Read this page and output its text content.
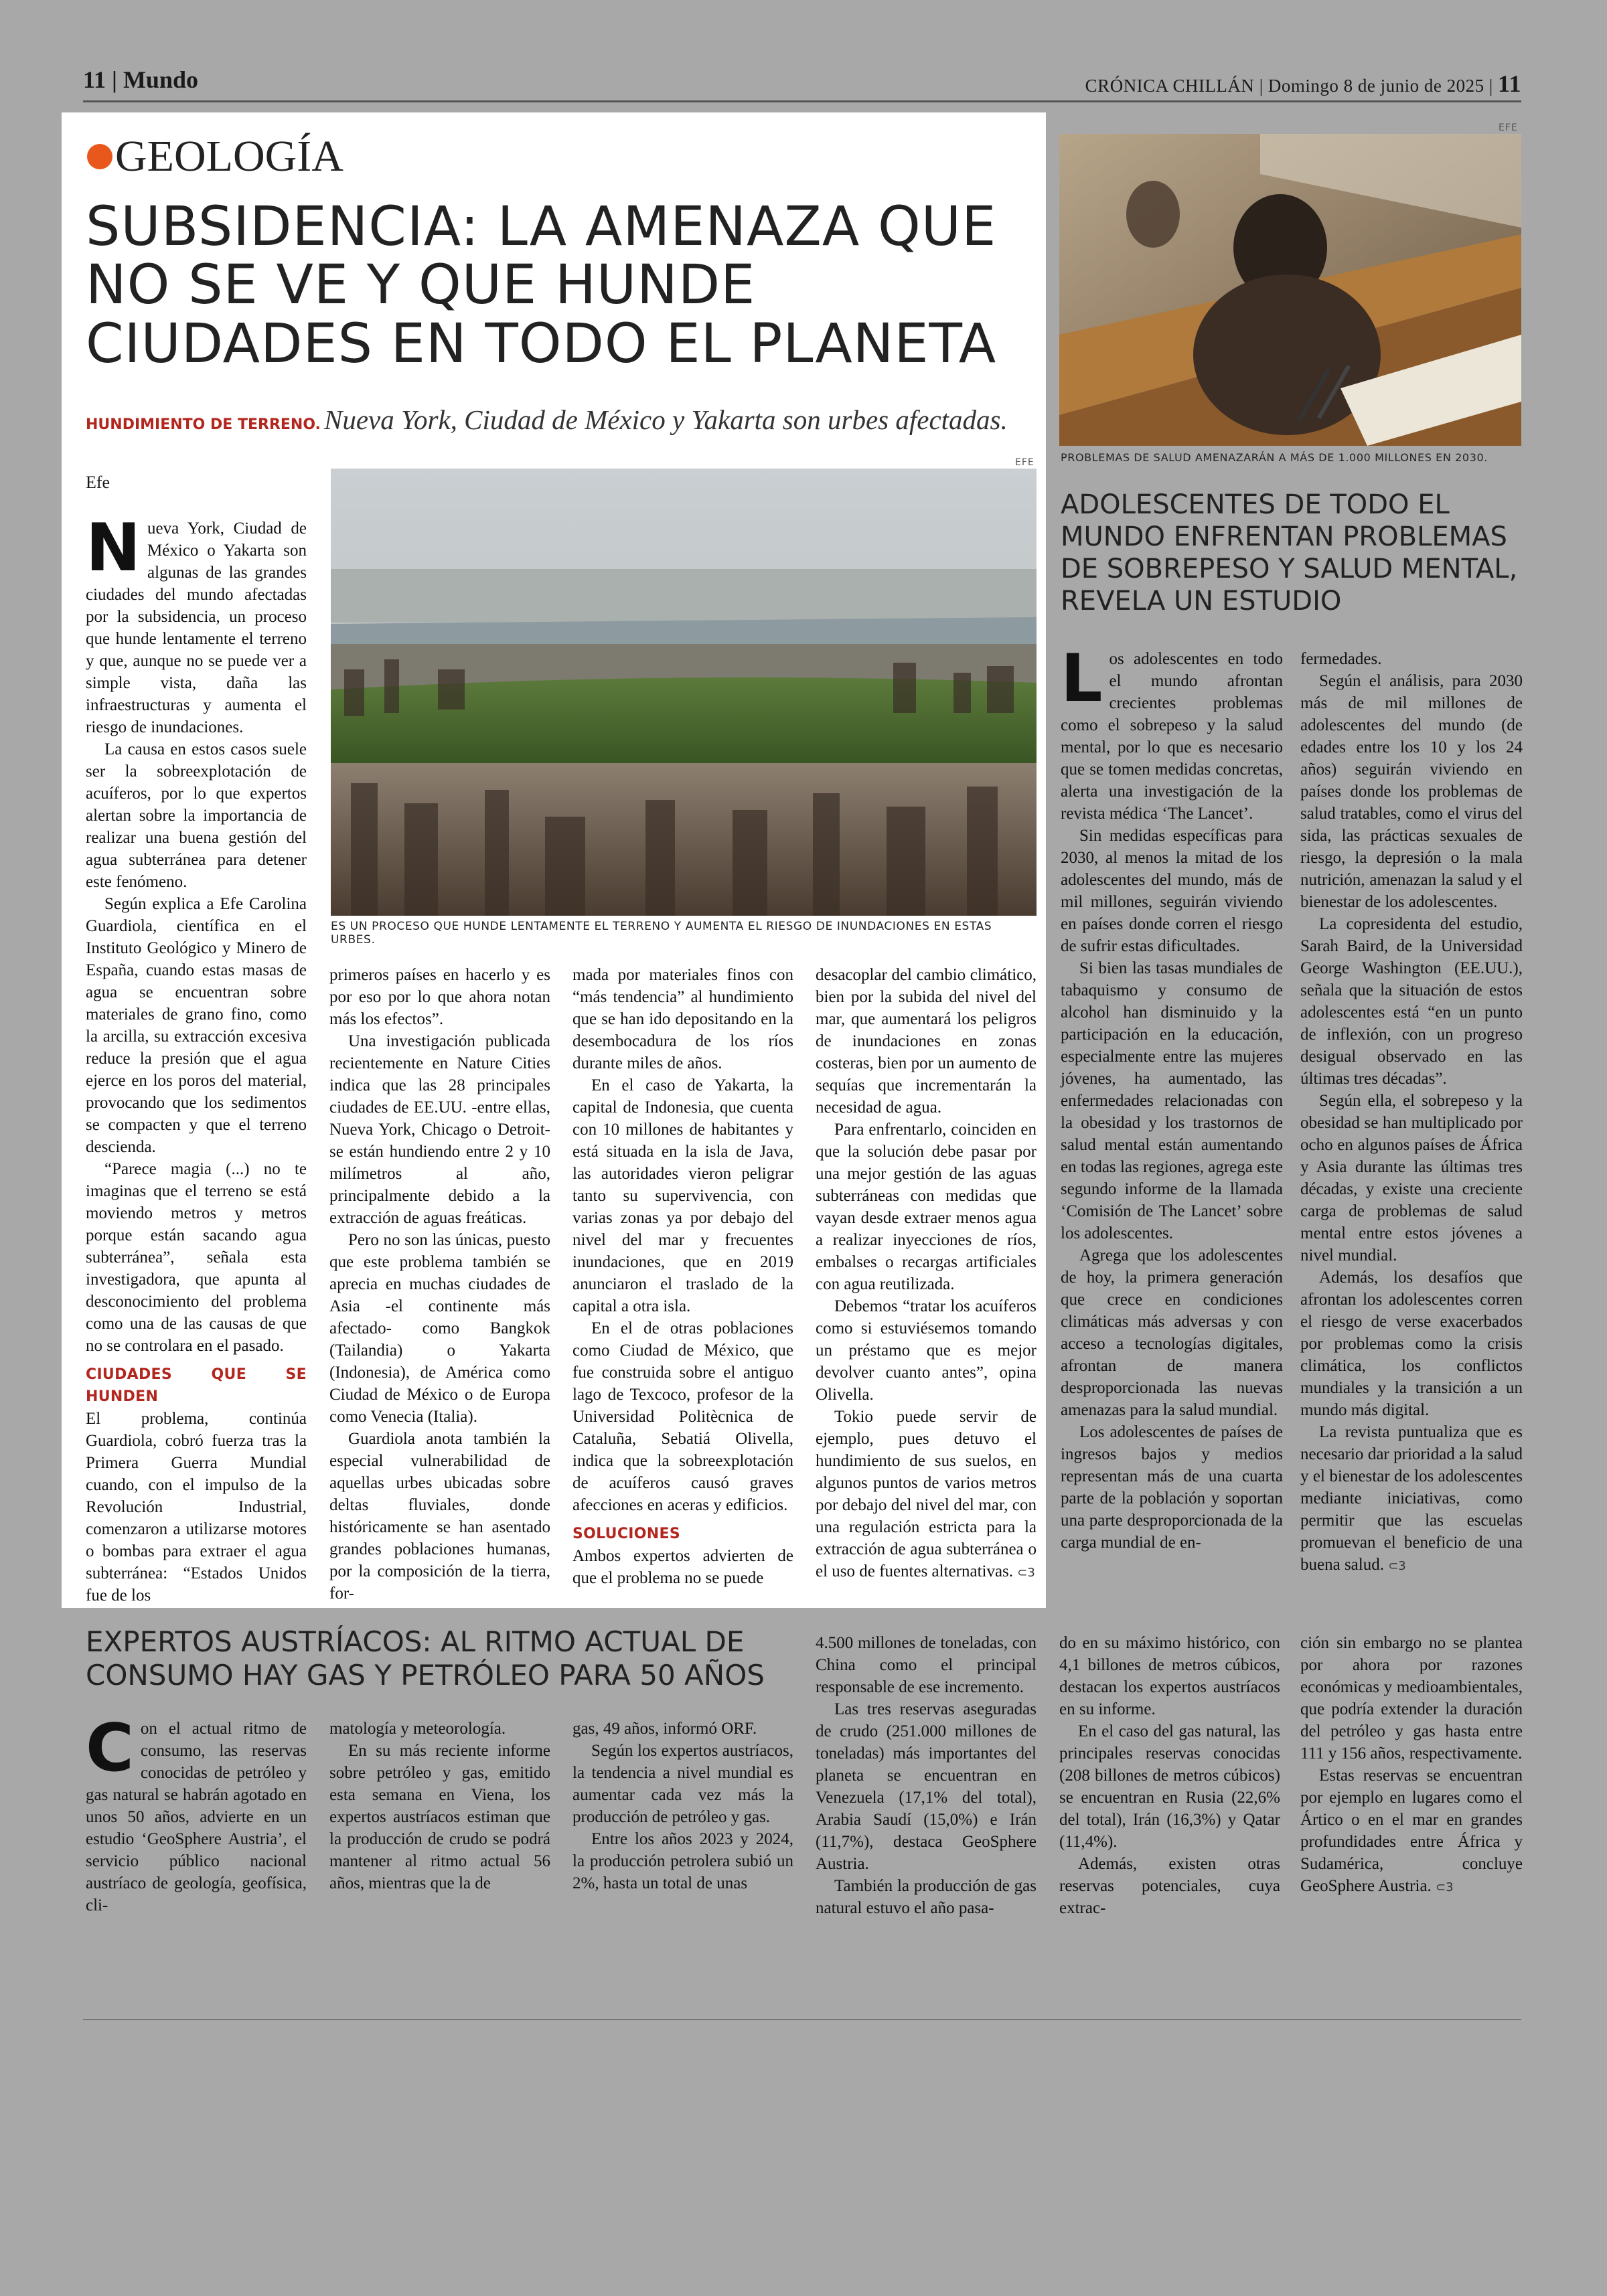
11 | Mundo	CRÓNICA CHILLÁN | Domingo 8 de junio de 2025 | 11
GEOLOGÍA
SUBSIDENCIA: LA AMENAZA QUE NO SE VE Y QUE HUNDE CIUDADES EN TODO EL PLANETA
HUNDIMIENTO DE TERRENO. Nueva York, Ciudad de México y Yakarta son urbes afectadas.
Efe
EFE
ES UN PROCESO QUE HUNDE LENTAMENTE EL TERRENO Y AUMENTA EL RIESGO DE INUNDACIONES EN ESTAS URBES.
N ueva York, Ciudad de México o Yakarta son algunas de las grandes ciudades del mundo afectadas por la subsidencia, un proceso que hunde lentamente el terreno y que, aunque no se puede ver a simple vista, daña las infraestructuras y aumenta el riesgo de inundaciones.

La causa en estos casos suele ser la sobreexplotación de acuíferos, por lo que expertos alertan sobre la importancia de realizar una buena gestión del agua subterránea para detener este fenómeno.

Según explica a Efe Carolina Guardiola, científica en el Instituto Geológico y Minero de España, cuando estas masas de agua se encuentran sobre materiales de grano fino, como la arcilla, su extracción excesiva reduce la presión que el agua ejerce en los poros del material, provocando que los sedimentos se compacten y que el terreno descienda.

“Parece magia (...) no te imaginas que el terreno se está moviendo metros y metros porque están sacando agua subterránea”, señala esta investigadora, que apunta al desconocimiento del problema como una de las causas de que no se controlara en el pasado.

CIUDADES QUE SE HUNDEN

El problema, continúa Guardiola, cobró fuerza tras la Primera Guerra Mundial cuando, con el impulso de la Revolución Industrial, comenzaron a utilizarse motores o bombas para extraer el agua subterránea: “Estados Unidos fue de los

primeros países en hacerlo y es por eso por lo que ahora notan más los efectos”.

Una investigación publicada recientemente en Nature Cities indica que las 28 principales ciudades de EE.UU. -entre ellas, Nueva York, Chicago o Detroit- se están hundiendo entre 2 y 10 milímetros al año, principalmente debido a la extracción de aguas freáticas.

Pero no son las únicas, puesto que este problema también se aprecia en muchas ciudades de Asia -el continente más afectado- como Bangkok (Tailandia) o Yakarta (Indonesia), de América como Ciudad de México o de Europa como Venecia (Italia).

Guardiola anota también la especial vulnerabilidad de aquellas urbes ubicadas sobre deltas fluviales, donde históricamente se han asentado grandes poblaciones humanas, por la composición de la tierra, for-

mada por materiales finos con “más tendencia” al hundimiento que se han ido depositando en la desembocadura de los ríos durante miles de años.

En el caso de Yakarta, la capital de Indonesia, que cuenta con 10 millones de habitantes y está situada en la isla de Java, las autoridades vieron peligrar tanto su supervivencia, con varias zonas ya por debajo del nivel del mar y frecuentes inundaciones, que en 2019 anunciaron el traslado de la capital a otra isla.

En el de otras poblaciones como Ciudad de México, que fue construida sobre el antiguo lago de Texcoco, profesor de la Universidad Politècnica de Cataluña, Sebatiá Olivella, indica que la sobreexplotación de acuíferos causó graves afecciones en aceras y edificios.

SOLUCIONES

Ambos expertos advierten de que el problema no se puede

desacoplar del cambio climático, bien por la subida del nivel del mar, que aumentará los peligros de inundaciones en zonas costeras, bien por un aumento de sequías que incrementarán la necesidad de agua.

Para enfrentarlo, coinciden en que la solución debe pasar por una mejor gestión de las aguas subterráneas con medidas que vayan desde extraer menos agua a realizar inyecciones de ríos, embalses o recargas artificiales con agua reutilizada.

Debemos “tratar los acuíferos como si estuviésemos tomando un préstamo que es mejor devolver cuanto antes”, opina Olivella.

Tokio puede servir de ejemplo, pues detuvo el hundimiento de sus suelos, en algunos puntos de varios metros por debajo del nivel del mar, con una regulación estricta para la extracción de agua subterránea o el uso de fuentes alternativas. ⊂3

EFE
PROBLEMAS DE SALUD AMENAZARÁN A MÁS DE 1.000 MILLONES EN 2030.
ADOLESCENTES DE TODO EL MUNDO ENFRENTAN PROBLEMAS DE SOBREPESO Y SALUD MENTAL, REVELA UN ESTUDIO
L os adolescentes en todo el mundo afrontan crecientes problemas como el sobrepeso y la salud mental, por lo que es necesario que se tomen medidas concretas, alerta una investigación de la revista médica ‘The Lancet’.

Sin medidas específicas para 2030, al menos la mitad de los adolescentes del mundo, más de mil millones, seguirán viviendo en países donde corren el riesgo de sufrir estas dificultades.

Si bien las tasas mundiales de tabaquismo y consumo de alcohol han disminuido y la participación en la educación, especialmente entre las mujeres jóvenes, ha aumentado, las enfermedades relacionadas con la obesidad y los trastornos de salud mental están aumentando en todas las regiones, agrega este segundo informe de la llamada ‘Comisión de The Lancet’ sobre los adolescentes.

Agrega que los adolescentes de hoy, la primera generación que crece en condiciones climáticas más adversas y con acceso a tecnologías digitales, afrontan de manera desproporcionada las nuevas amenazas para la salud mundial.

Los adolescentes de países de ingresos bajos y medios representan más de una cuarta parte de la población y soportan una parte desproporcionada de la carga mundial de en-

fermedades.

Según el análisis, para 2030 más de mil millones de adolescentes del mundo (de edades entre los 10 y los 24 años) seguirán viviendo en países donde los problemas de salud tratables, como el virus del sida, las prácticas sexuales de riesgo, la depresión o la mala nutrición, amenazan la salud y el bienestar de los adolescentes.

La copresidenta del estudio, Sarah Baird, de la Universidad George Washington (EE.UU.), señala que la situación de estos adolescentes está “en un punto de inflexión, con un progreso desigual observado en las últimas tres décadas”.

Según ella, el sobrepeso y la obesidad se han multiplicado por ocho en algunos países de África y Asia durante las últimas tres décadas, y existe una creciente carga de problemas de salud mental entre estos jóvenes a nivel mundial.

Además, los desafíos que afrontan los adolescentes corren el riesgo de verse exacerbados por problemas como la crisis climática, los conflictos mundiales y la transición a un mundo más digital.

La revista puntualiza que es necesario dar prioridad a la salud y el bienestar de los adolescentes mediante iniciativas, como permitir que las escuelas promuevan el beneficio de una buena salud. ⊂3

EXPERTOS AUSTRÍACOS: AL RITMO ACTUAL DE CONSUMO HAY GAS Y PETRÓLEO PARA 50 AÑOS
C on el actual ritmo de consumo, las reservas conocidas de petróleo y gas natural se habrán agotado en unos 50 años, advierte en un estudio ‘GeoSphere Austria’, el servicio público nacional austríaco de geología, geofísica, cli-

matología y meteorología.

En su más reciente informe sobre petróleo y gas, emitido esta semana en Viena, los expertos austríacos estiman que la producción de crudo se podrá mantener al ritmo actual 56 años, mientras que la de

gas, 49 años, informó ORF.

Según los expertos austríacos, la tendencia a nivel mundial es aumentar cada vez más la producción de petróleo y gas.

Entre los años 2023 y 2024, la producción petrolera subió un 2%, hasta un total de unas

4.500 millones de toneladas, con China como el principal responsable de ese incremento.

Las tres reservas aseguradas de crudo (251.000 millones de toneladas) más importantes del planeta se encuentran en Venezuela (17,1% del total), Arabia Saudí (15,0%) e Irán (11,7%), destaca GeoSphere Austria.

También la producción de gas natural estuvo el año pasa-

do en su máximo histórico, con 4,1 billones de metros cúbicos, destacan los expertos austríacos en su informe.

En el caso del gas natural, las principales reservas conocidas (208 billones de metros cúbicos) se encuentran en Rusia (22,6% del total), Irán (16,3%) y Qatar (11,4%).

Además, existen otras reservas potenciales, cuya extrac-

ción sin embargo no se plantea por ahora por razones económicas y medioambientales, que podría extender la duración del petróleo y gas hasta entre 111 y 156 años, respectivamente.

Estas reservas se encuentran por ejemplo en lugares como el Ártico o en el mar en grandes profundidades entre África y Sudamérica, concluye GeoSphere Austria. ⊂3
